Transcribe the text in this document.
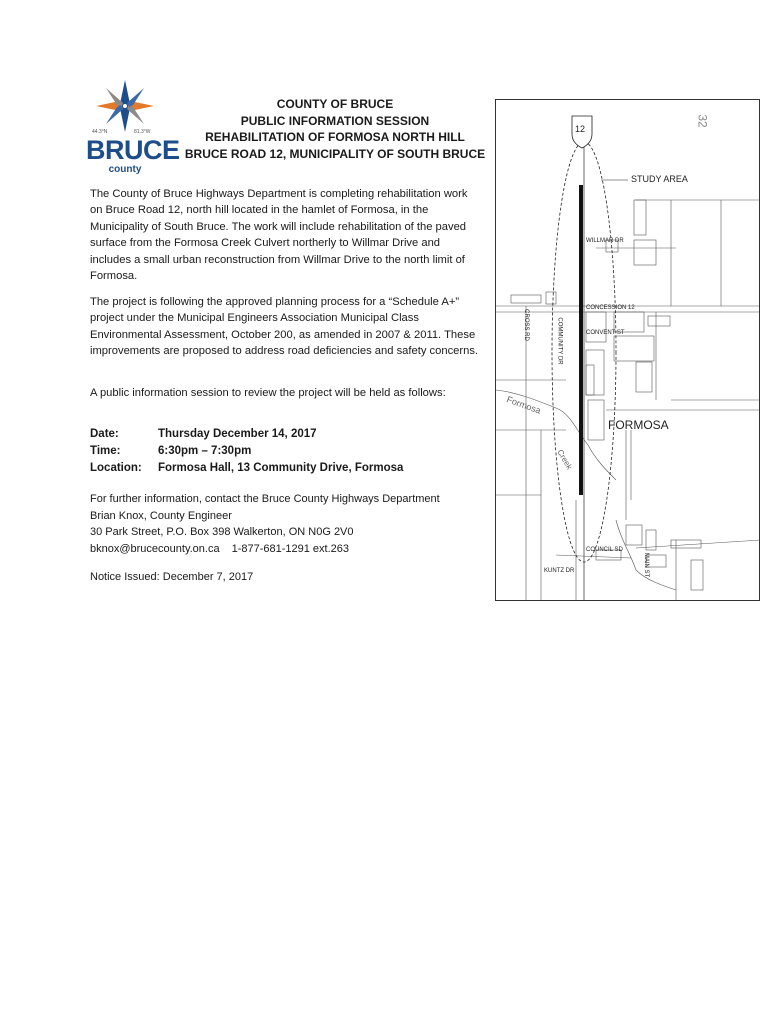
44.3°N	81.3°W
BRUCE
county
COUNTY OF BRUCE
PUBLIC INFORMATION SESSION
REHABILITATION OF FORMOSA NORTH HILL
BRUCE ROAD 12, MUNICIPALITY OF SOUTH BRUCE
The County of Bruce Highways Department is completing rehabilitation work on Bruce Road 12, north hill located in the hamlet of Formosa, in the Municipality of South Bruce. The work will include rehabilitation of the paved surface from the Formosa Creek Culvert northerly to Willmar Drive and includes a small urban reconstruction from Willmar Drive to the north limit of Formosa.
The project is following the approved planning process for a “Schedule A+” project under the Municipal Engineers Association Municipal Class Environmental Assessment, October 200, as amended in 2007 & 2011. These improvements are proposed to address road deficiencies and safety concerns.
A public information session to review the project will be held as follows:
Date:	Thursday December 14, 2017
Time:	6:30pm – 7:30pm
Location:	Formosa Hall, 13 Community Drive, Formosa
For further information, contact the Bruce County Highways Department
Brian Knox, County Engineer
30 Park Street, P.O. Box 398 Walkerton, ON N0G 2V0
bknox@brucecounty.on.ca 1-877-681-1291 ext.263
Notice Issued: December 7, 2017
12
32
STUDY AREA
WILLMAR DR
CONCESSION 12
CONVENT ST
FORMOSA
Formosa
Creek
COMMUNITY DR
CROSS RD
COUNCIL SD
KUNTZ DR	MAIN ST
